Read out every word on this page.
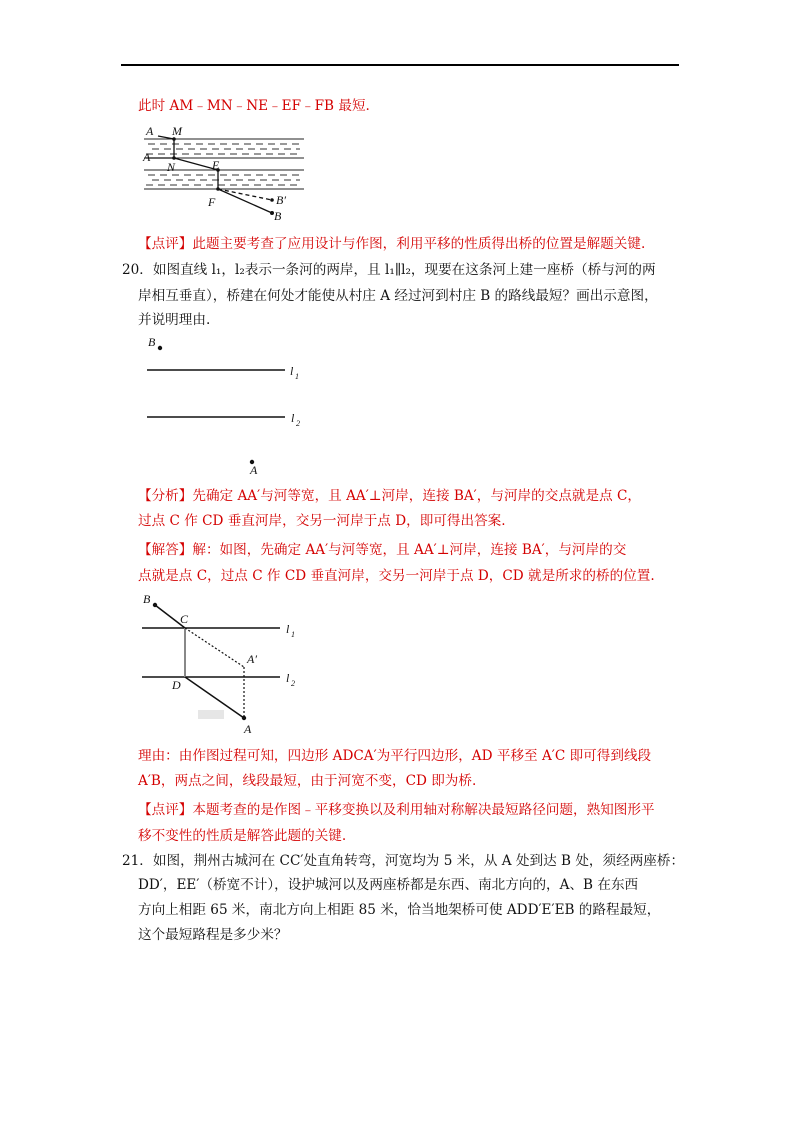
此时 AM﹣MN﹣NE﹣EF﹣FB 最短.
A M
A
N	E
F	B′
B
【点评】此题主要考查了应用设计与作图，利用平移的性质得出桥的位置是解题关键.
20．如图直线 l₁，l₂表示一条河的两岸，且 l₁∥l₂，现要在这条河上建一座桥（桥与河的两
岸相互垂直），桥建在何处才能使从村庄 A 经过河到村庄 B 的路线最短？画出示意图，
并说明理由.
B
l 1
l 2
A
【分析】先确定 AA′与河等宽，且 AA′⊥河岸，连接 BA′，与河岸的交点就是点 C，
过点 C 作 CD 垂直河岸，交另一河岸于点 D，即可得出答案.
【解答】解：如图，先确定 AA′与河等宽，且 AA′⊥河岸，连接 BA′，与河岸的交
点就是点 C，过点 C 作 CD 垂直河岸，交另一河岸于点 D，CD 就是所求的桥的位置.
B
C
l 1
A′
D	l 2
A
理由：由作图过程可知，四边形 ADCA′为平行四边形，AD 平移至 A′C 即可得到线段
A′B，两点之间，线段最短，由于河宽不变，CD 即为桥.
【点评】本题考查的是作图﹣平移变换以及利用轴对称解决最短路径问题，熟知图形平
移不变性的性质是解答此题的关键.
21．如图，荆州古城河在 CC′处直角转弯，河宽均为 5 米，从 A 处到达 B 处，须经两座桥：
DD′，EE′（桥宽不计），设护城河以及两座桥都是东西、南北方向的，A、B 在东西
方向上相距 65 米，南北方向上相距 85 米，恰当地架桥可使 ADD′E′EB 的路程最短，
这个最短路程是多少米？
